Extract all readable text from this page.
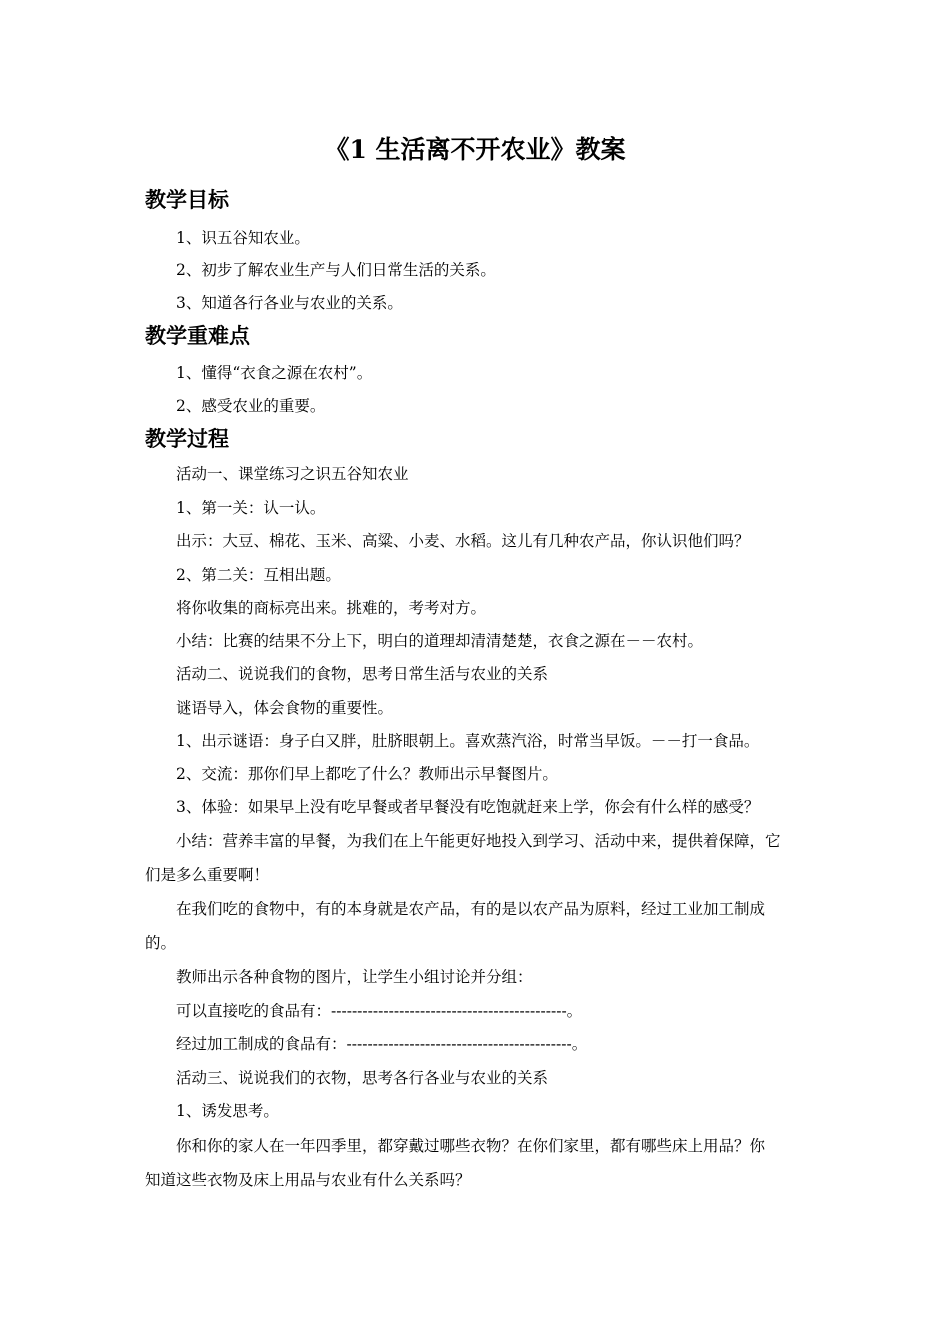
《1 生活离不开农业》教案
教学目标
1、识五谷知农业。
2、初步了解农业生产与人们日常生活的关系。
3、知道各行各业与农业的关系。
教学重难点
1、懂得“衣食之源在农村”。
2、感受农业的重要。
教学过程
活动一、课堂练习之识五谷知农业
1、第一关：认一认。
出示：大豆、棉花、玉米、高粱、小麦、水稻。这儿有几种农产品，你认识他们吗？
2、第二关：互相出题。
将你收集的商标亮出来。挑难的，考考对方。
小结：比赛的结果不分上下，明白的道理却清清楚楚，衣食之源在－－农村。
活动二、说说我们的食物，思考日常生活与农业的关系
谜语导入，体会食物的重要性。
1、出示谜语：身子白又胖，肚脐眼朝上。喜欢蒸汽浴，时常当早饭。－－打一食品。
2、交流：那你们早上都吃了什么？教师出示早餐图片。
3、体验：如果早上没有吃早餐或者早餐没有吃饱就赶来上学，你会有什么样的感受？
小结：营养丰富的早餐，为我们在上午能更好地投入到学习、活动中来，提供着保障，它
们是多么重要啊！
在我们吃的食物中，有的本身就是农产品，有的是以农产品为原料，经过工业加工制成
的。
教师出示各种食物的图片，让学生小组讨论并分组：
可以直接吃的食品有：---------------------------------------------。
经过加工制成的食品有：-------------------------------------------。
活动三、说说我们的衣物，思考各行各业与农业的关系
1、诱发思考。
你和你的家人在一年四季里，都穿戴过哪些衣物？在你们家里，都有哪些床上用品？你
知道这些衣物及床上用品与农业有什么关系吗？
